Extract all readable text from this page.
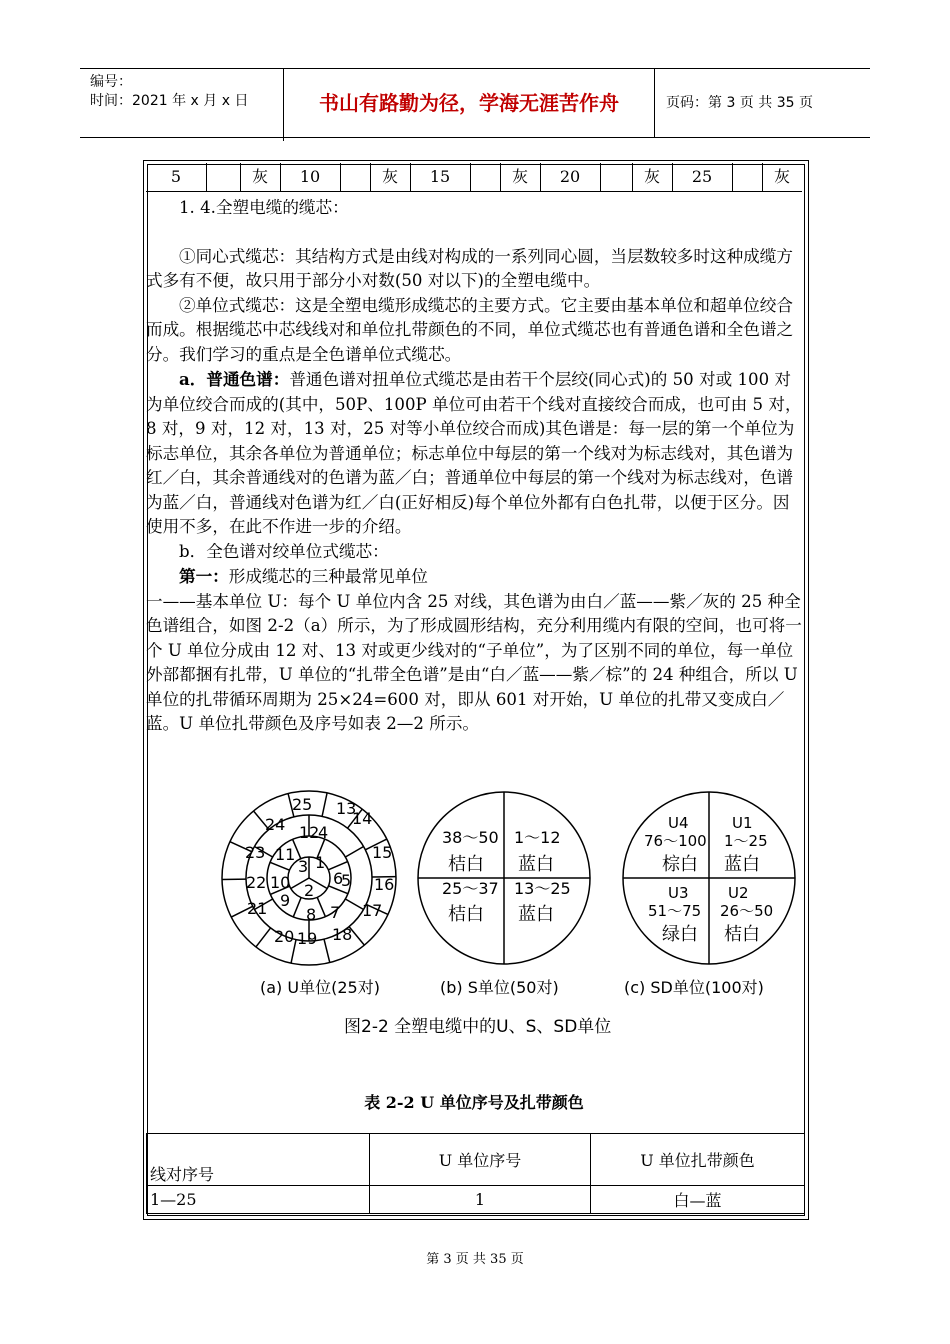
编号：
时间：2021 年 x 月 x 日	书山有路勤为径，学海无涯苦作舟	页码：第 3 页 共 35 页
5	灰	10	灰	15	灰	20	灰	25	灰

1. 4.全塑电缆的缆芯：

①同心式缆芯：其结构方式是由线对构成的一系列同心圆，当层数较多时这种成缆方式多有不便，故只用于部分小对数(50 对以下)的全塑电缆中。

②单位式缆芯：这是全塑电缆形成缆芯的主要方式。它主要由基本单位和超单位绞合而成。根据缆芯中芯线线对和单位扎带颜色的不同，单位式缆芯也有普通色谱和全色谱之分。我们学习的重点是全色谱单位式缆芯。

a．普通色谱：普通色谱对扭单位式缆芯是由若干个层绞(同心式)的 50 对或 100 对为单位绞合而成的(其中，50P、100P 单位可由若干个线对直接绞合而成，也可由 5 对，8 对，9 对，12 对，13 对，25 对等小单位绞合而成)其色谱是：每一层的第一个单位为标志单位，其余各单位为普通单位；标志单位中每层的第一个线对为标志线对，其色谱为红／白，其余普通线对的色谱为蓝／白；普通单位中每层的第一个线对为标志线对，色谱为蓝／白，普通线对色谱为红／白(正好相反)每个单位外都有白色扎带，以便于区分。因使用不多，在此不作进一步的介绍。

b．全色谱对绞单位式缆芯：

第一：形成缆芯的三种最常见单位

一——基本单位 U：每个 U 单位内含 25 对线，其色谱为由白／蓝——紫／灰的 25 种全色谱组合，如图 2-2（a）所示，为了形成圆形结构，充分利用缆内有限的空间，也可将一个 U 单位分成由 12 对、13 对或更少线对的“子单位”，为了区别不同的单位，每一单位外部都捆有扎带，U 单位的“扎带全色谱”是由“白／蓝——紫／棕”的 24 种组合，所以 U 单位的扎带循环周期为 25×24=600 对，即从 601 对开始，U 单位的扎带又变成白／蓝。U 单位扎带颜色及序号如表 2—2 所示。

25 13
14
24 12
4
15
23 11
3 1
5
22 10 2
6 16
21 9
8 7 17
20 19 18
38～50
桔白
1～12
蓝白
25～37
桔白
13～25
蓝白
U4
76～100
棕白
U1
1～25
蓝白
U3
51～75
绿白
U2
26～50
桔白
(a) U单位(25对)	(b) S单位(50对)	(c) SD单位(100对)
图2-2 全塑电缆中的U、S、SD单位
表 2-2 U 单位序号及扎带颜色
线对序号	U 单位序号	U 单位扎带颜色
1—25	1	白—蓝
第 3 页 共 35 页
